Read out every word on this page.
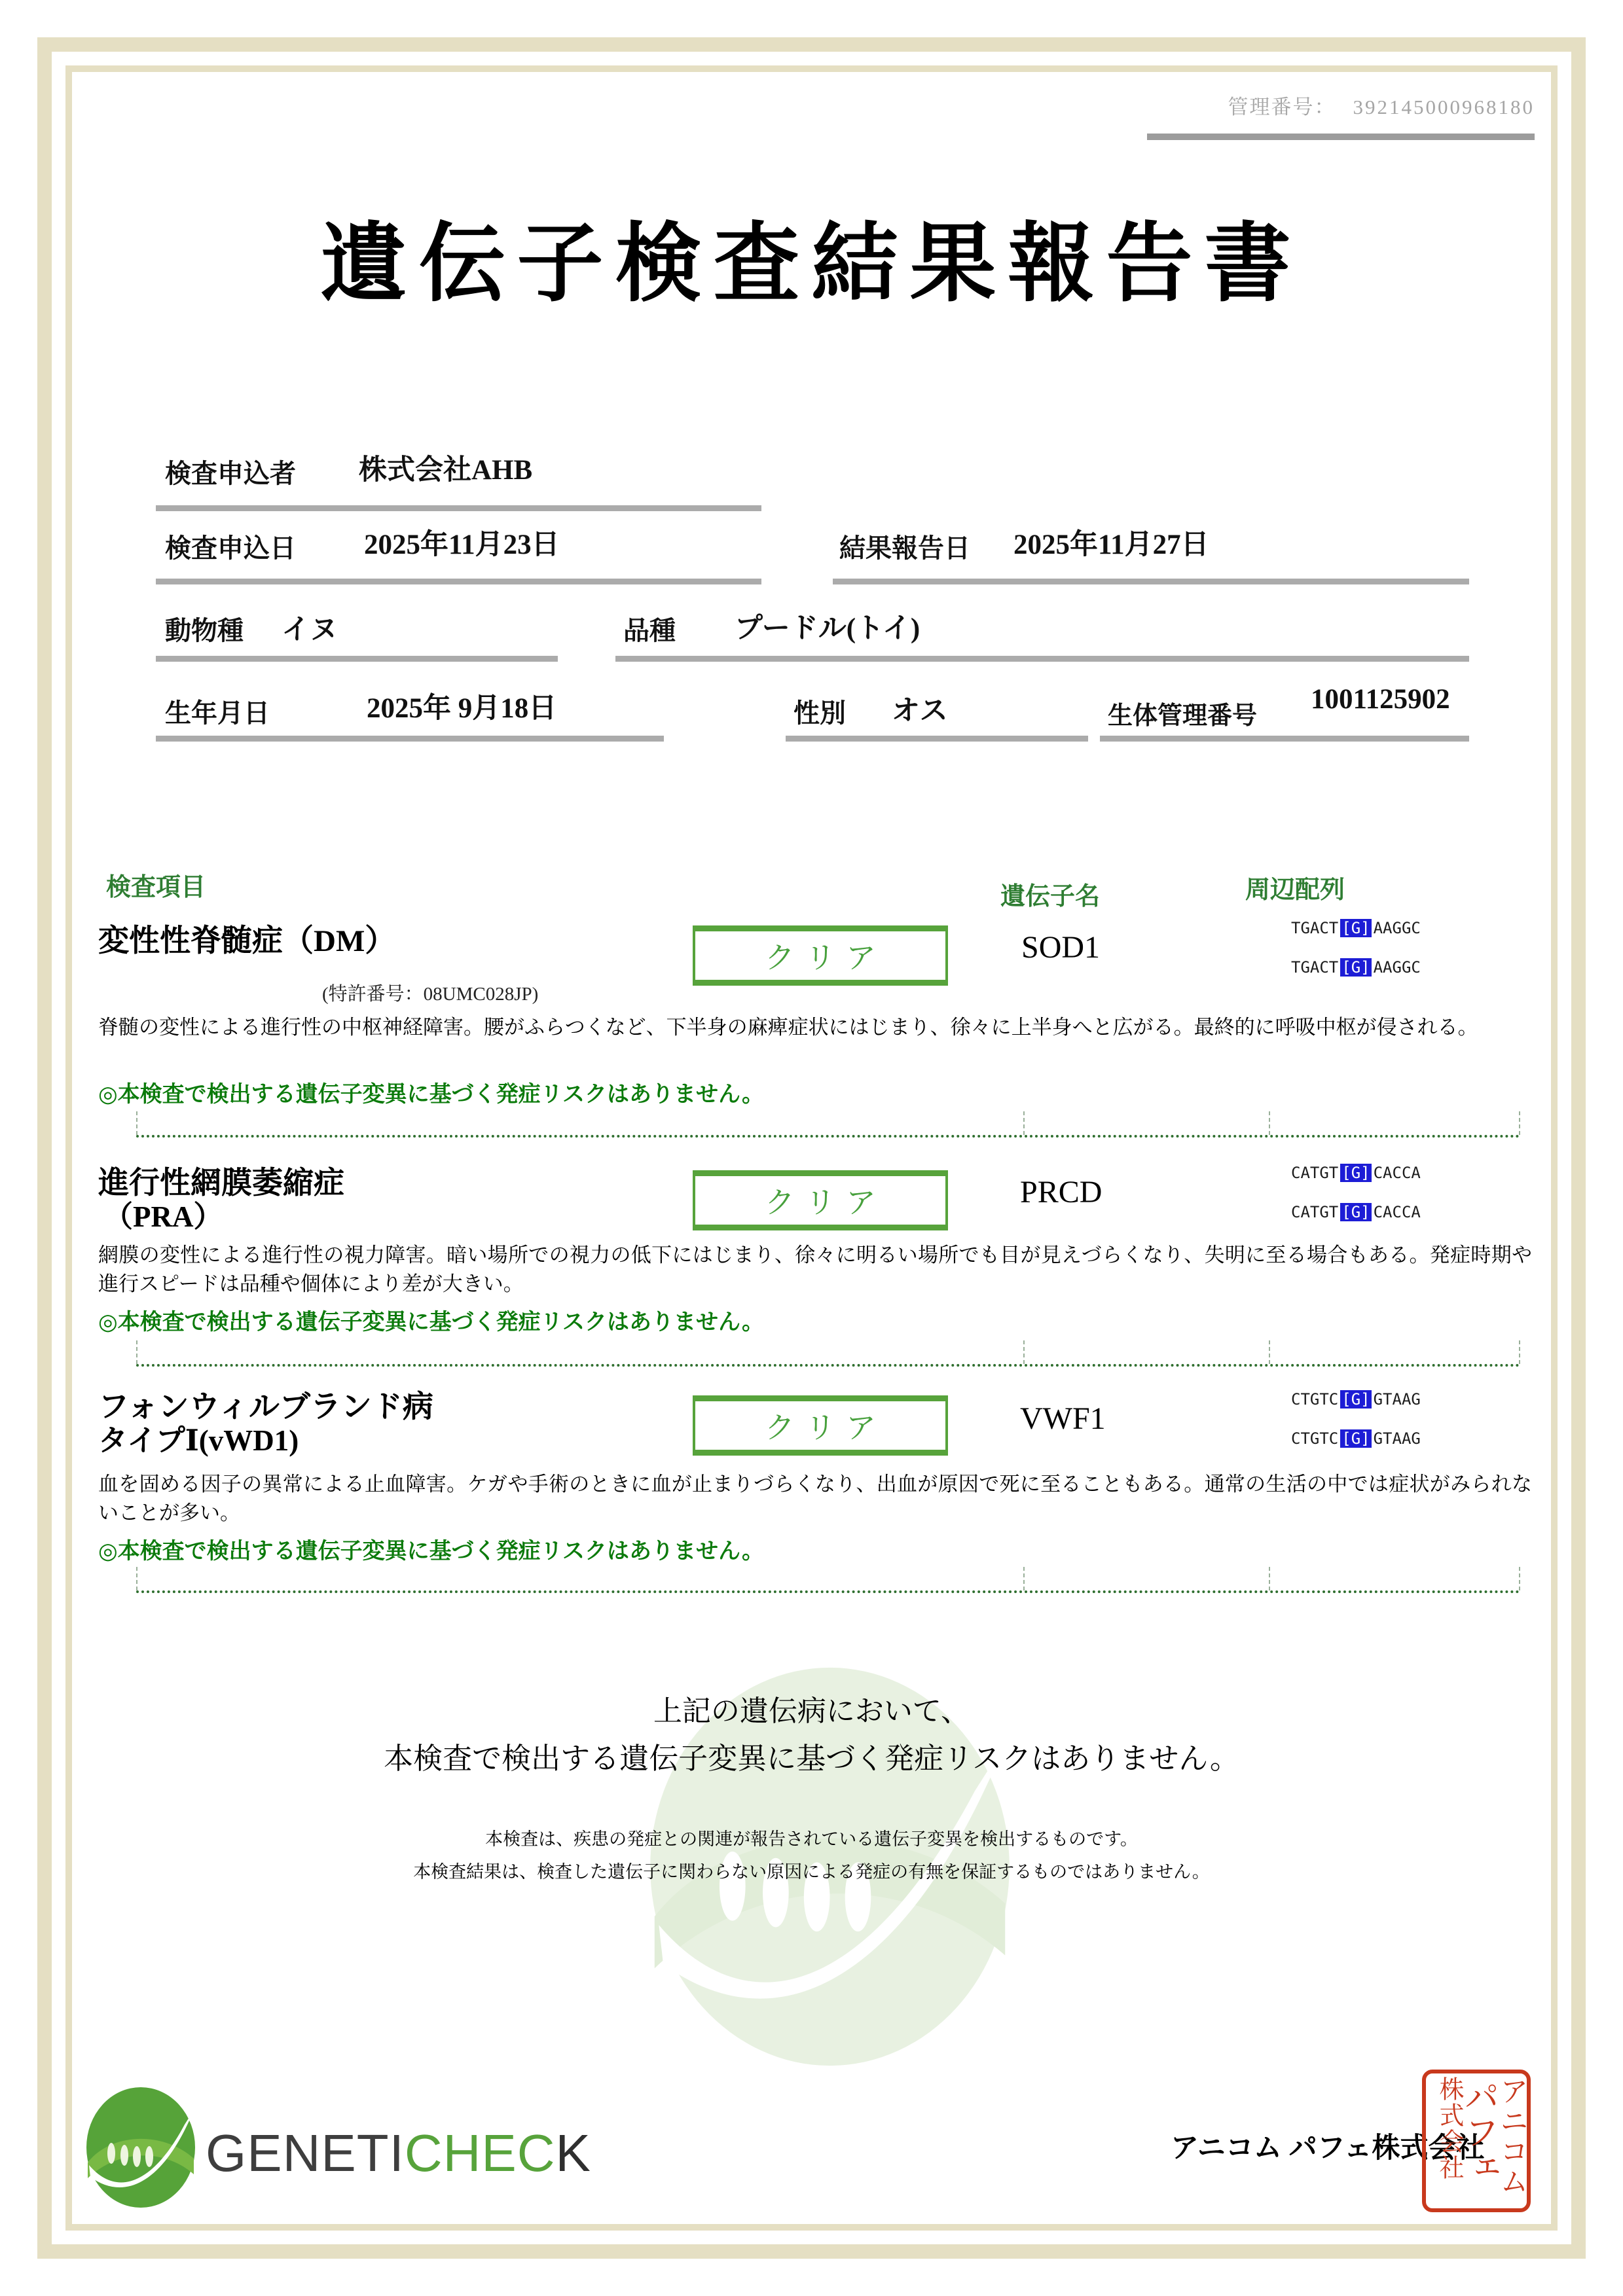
管理番号： 392145000968180
遺伝子検査結果報告書
検査申込者 株式会社AHB
検査申込日 2025年11月23日	結果報告日 2025年11月27日
動物種 イヌ	品種 プードル(トイ)
生年月日	2025年 9月18日	性別 オス	生体管理番号
1001125902
検査項目	遺伝子名	周辺配列
変性性脊髄症（DM）
(特許番号：08UMC028JP)
クリア	SOD1
TGACT [G] AAGGC
TGACT [G] AAGGC
脊髄の変性による進行性の中枢神経障害。腰がふらつくなど、下半身の麻痺症状にはじまり、徐々に上半身へと広がる。最終的に呼吸中枢が侵される。
◎本検査で検出する遺伝子変異に基づく発症リスクはありません。
進行性網膜萎縮症
（PRA）	クリア	PRCD
CATGT [G] CACCA
CATGT [G] CACCA
網膜の変性による進行性の視力障害。暗い場所での視力の低下にはじまり、徐々に明るい場所でも目が見えづらくなり、失明に至る場合もある。発症時期や進行スピードは品種や個体により差が大きい。
◎本検査で検出する遺伝子変異に基づく発症リスクはありません。
フォンウィルブランド病
タイプⅠ(vWD1)	クリア	VWF1
CTGTC [G] GTAAG
CTGTC [G] GTAAG
血を固める因子の異常による止血障害。ケガや手術のときに血が止まりづらくなり、出血が原因で死に至ることもある。通常の生活の中では症状がみられないことが多い。
◎本検査で検出する遺伝子変異に基づく発症リスクはありません。
上記の遺伝病において、
本検査で検出する遺伝子変異に基づく発症リスクはありません。
本検査は、疾患の発症との関連が報告されている遺伝子変異を検出するものです。
本検査結果は、検査した遺伝子に関わらない原因による発症の有無を保証するものではありません。
GENETICHECK	アニコム パフェ株式会社 アニコム
パフェ
株式会社
